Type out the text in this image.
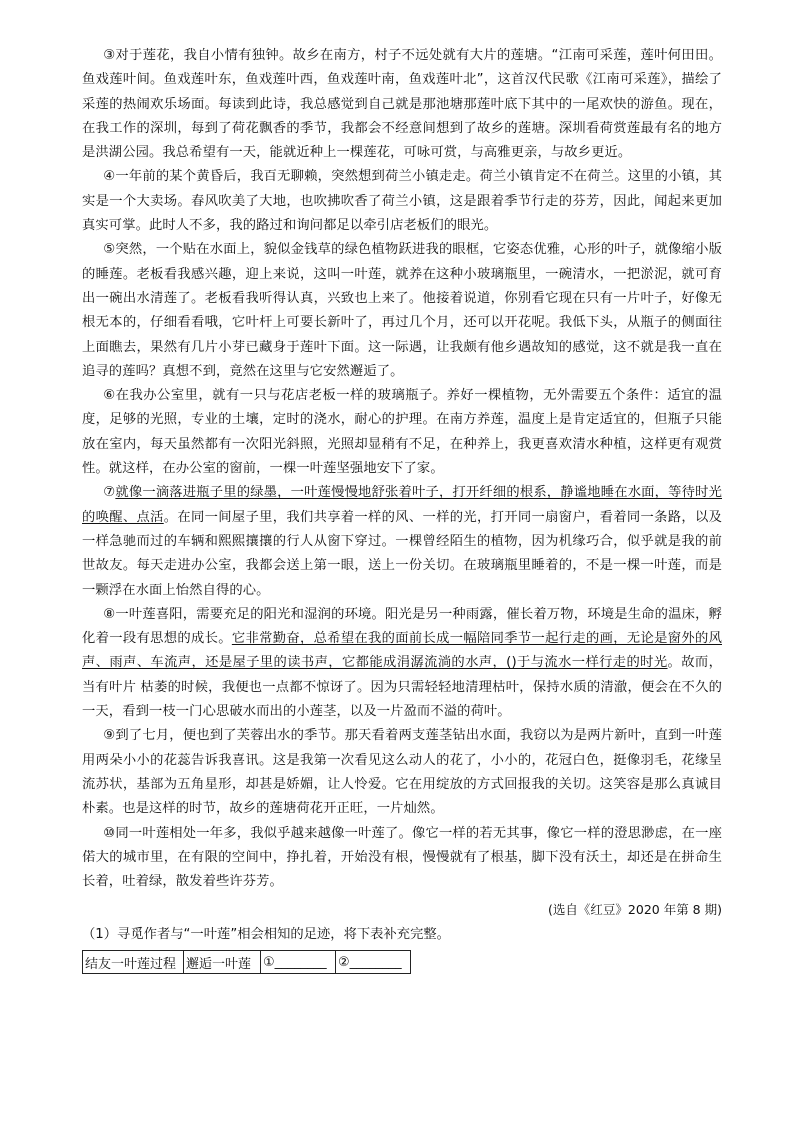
③对于莲花，我自小情有独钟。故乡在南方，村子不远处就有大片的莲塘。“江南可采莲，莲叶何田田。鱼戏莲叶间。鱼戏莲叶东，鱼戏莲叶西，鱼戏莲叶南，鱼戏莲叶北”，这首汉代民歌《江南可采莲》，描绘了采莲的热闹欢乐场面。每读到此诗，我总感觉到自己就是那池塘那莲叶底下其中的一尾欢快的游鱼。现在，在我工作的深圳，每到了荷花飘香的季节，我都会不经意间想到了故乡的莲塘。深圳看荷赏莲最有名的地方是洪湖公园。我总希望有一天，能就近种上一棵莲花，可咏可赏，与高雅更亲，与故乡更近。

④一年前的某个黄昏后，我百无聊赖，突然想到荷兰小镇走走。荷兰小镇肯定不在荷兰。这里的小镇，其实是一个大卖场。春风吹美了大地，也吹拂吹香了荷兰小镇，这是跟着季节行走的芬芳，因此，闻起来更加真实可掌。此时人不多，我的路过和询问都足以牵引店老板们的眼光。

⑤突然，一个贴在水面上，貌似金钱草的绿色植物跃进我的眼框，它姿态优雅，心形的叶子，就像缩小版的睡莲。老板看我感兴趣，迎上来说，这叫一叶莲，就养在这种小玻璃瓶里，一碗清水，一把淤泥，就可育出一碗出水清莲了。老板看我听得认真，兴致也上来了。他接着说道，你别看它现在只有一片叶子，好像无根无本的，仔细看看哦，它叶杆上可要长新叶了，再过几个月，还可以开花呢。我低下头，从瓶子的侧面往上面瞧去，果然有几片小芽已藏身于莲叶下面。这一际遇，让我颇有他乡遇故知的感觉，这不就是我一直在追寻的莲吗？真想不到，竟然在这里与它安然邂逅了。

⑥在我办公室里，就有一只与花店老板一样的玻璃瓶子。养好一棵植物，无外需要五个条件：适宜的温度，足够的光照，专业的土壤，定时的浇水，耐心的护理。在南方养莲，温度上是肯定适宜的，但瓶子只能放在室内，每天虽然都有一次阳光斜照，光照却显稍有不足，在种养上，我更喜欢清水种植，这样更有观赏性。就这样，在办公室的窗前，一棵一叶莲坚强地安下了家。

⑦就像一滴落进瓶子里的绿墨，一叶莲慢慢地舒张着叶子，打开纤细的根系，静谧地睡在水面，等待时光的唤醒、点活。在同一间屋子里，我们共享着一样的风、一样的光，打开同一扇窗户，看着同一条路，以及一样急驰而过的车辆和熙熙攘攘的行人从窗下穿过。一棵曾经陌生的植物，因为机缘巧合，似乎就是我的前世故友。每天走进办公室，我都会送上第一眼，送上一份关切。在玻璃瓶里睡着的，不是一棵一叶莲，而是一颗浮在水面上怡然自得的心。

⑧一叶莲喜阳，需要充足的阳光和湿润的环境。阳光是另一种雨露，催长着万物，环境是生命的温床，孵化着一段有思想的成长。它非常勤奋，总希望在我的面前长成一幅陪同季节一起行走的画，无论是窗外的风声、雨声、车流声，还是屋子里的读书声，它都能成涓潺流淌的水声，()于与流水一样行走的时光。故而，当有叶片 枯萎的时候，我便也一点都不惊讶了。因为只需轻轻地清理枯叶，保持水质的清澈，便会在不久的一天，看到一枝一门心思破水而出的小莲茎，以及一片盈而不溢的荷叶。

⑨到了七月，便也到了芙蓉出水的季节。那天看着两支莲茎钻出水面，我窃以为是两片新叶，直到一叶莲用两朵小小的花蕊告诉我喜讯。这是我第一次看见这么动人的花了，小小的，花冠白色，挺像羽毛，花缘呈流苏状，基部为五角星形，却甚是娇媚，让人怜爱。它在用绽放的方式回报我的关切。这笑容是那么真诚目朴素。也是这样的时节，故乡的莲塘荷花开正旺，一片灿然。

⑩同一叶莲相处一年多，我似乎越来越像一叶莲了。像它一样的若无其事，像它一样的澄思渺虑，在一座偌大的城市里，在有限的空间中，挣扎着，开始没有根，慢慢就有了根基，脚下没有沃土，却还是在拼命生长着，吐着绿，散发着些许芬芳。

(选自《红豆》2020 年第 8 期)
（1）寻觅作者与“一叶莲”相会相知的足迹，将下表补充完整。
结友一叶莲过程	邂逅一叶莲	①________	②________
